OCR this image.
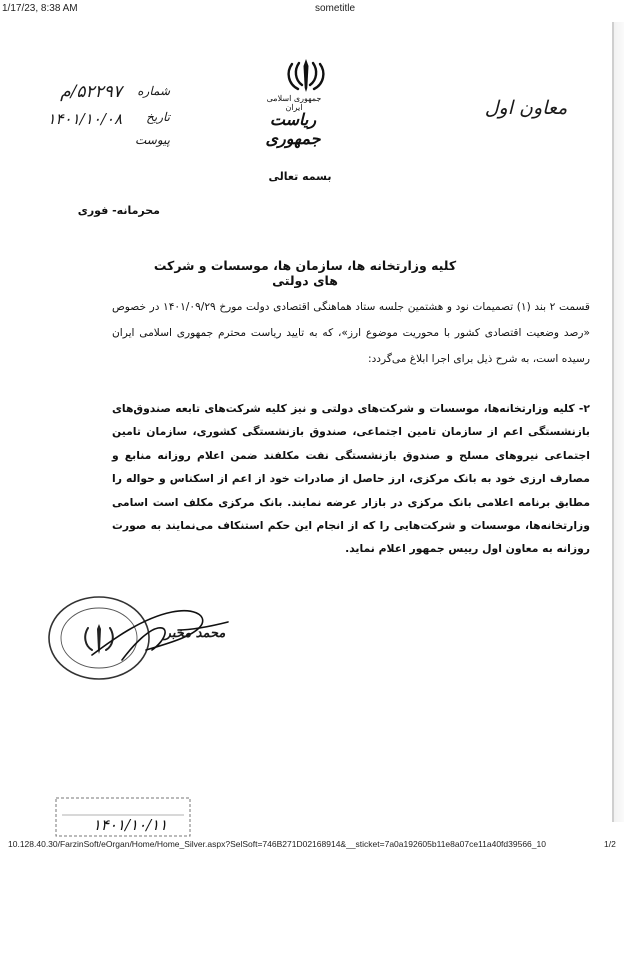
1/17/23, 8:38 AM	sometitle
جمهوری اسلامی ایران
ریاست جمهوری
معاون اول
شماره
۵۲۲۹۷/م
تاریخ
۱۴۰۱/۱۰/۰۸
پیوست
بسمه تعالی
محرمانه- فوری
کلیه وزارتخانه ها، سازمان ها، موسسات و شرکت های دولتی
قسمت ۲ بند (۱) تصمیمات نود و هشتمین جلسه ستاد هماهنگی اقتصادی دولت مورخ ۱۴۰۱/۰۹/۲۹ در خصوص «رصد وضعیت اقتصادی کشور با محوریت موضوع ارز»، که به تایید ریاست محترم جمهوری اسلامی ایران رسیده است، به شرح ذیل برای اجرا ابلاغ می‌گردد:
۲- کلیه وزارتخانه‌ها، موسسات و شرکت‌های دولتی و نیز کلیه شرکت‌های تابعه صندوق‌های بازنشستگی اعم از سازمان تامین اجتماعی، صندوق بازنشستگی کشوری، سازمان تامین اجتماعی نیروهای مسلح و صندوق بازنشستگی نفت مکلفند ضمن اعلام روزانه منابع و مصارف ارزی خود به بانک مرکزی، ارز حاصل از صادرات خود از اعم از اسکناس و حواله را مطابق برنامه اعلامی بانک مرکزی در بازار عرضه نمایند. بانک مرکزی مکلف است اسامی وزارتخانه‌ها، موسسات و شرکت‌هایی را که از انجام این حکم استنکاف می‌نمایند به صورت روزانه به معاون اول رییس جمهور اعلام نماید.
محمد مخبر
۱۴۰۱/۱۰/۱۱
10.128.40.30/FarzinSoft/eOrgan/Home/Home_Silver.aspx?SelSoft=746B271D02168914&__sticket=7a0a192605b11e8a07ce11a40fd39566_10	1/2
